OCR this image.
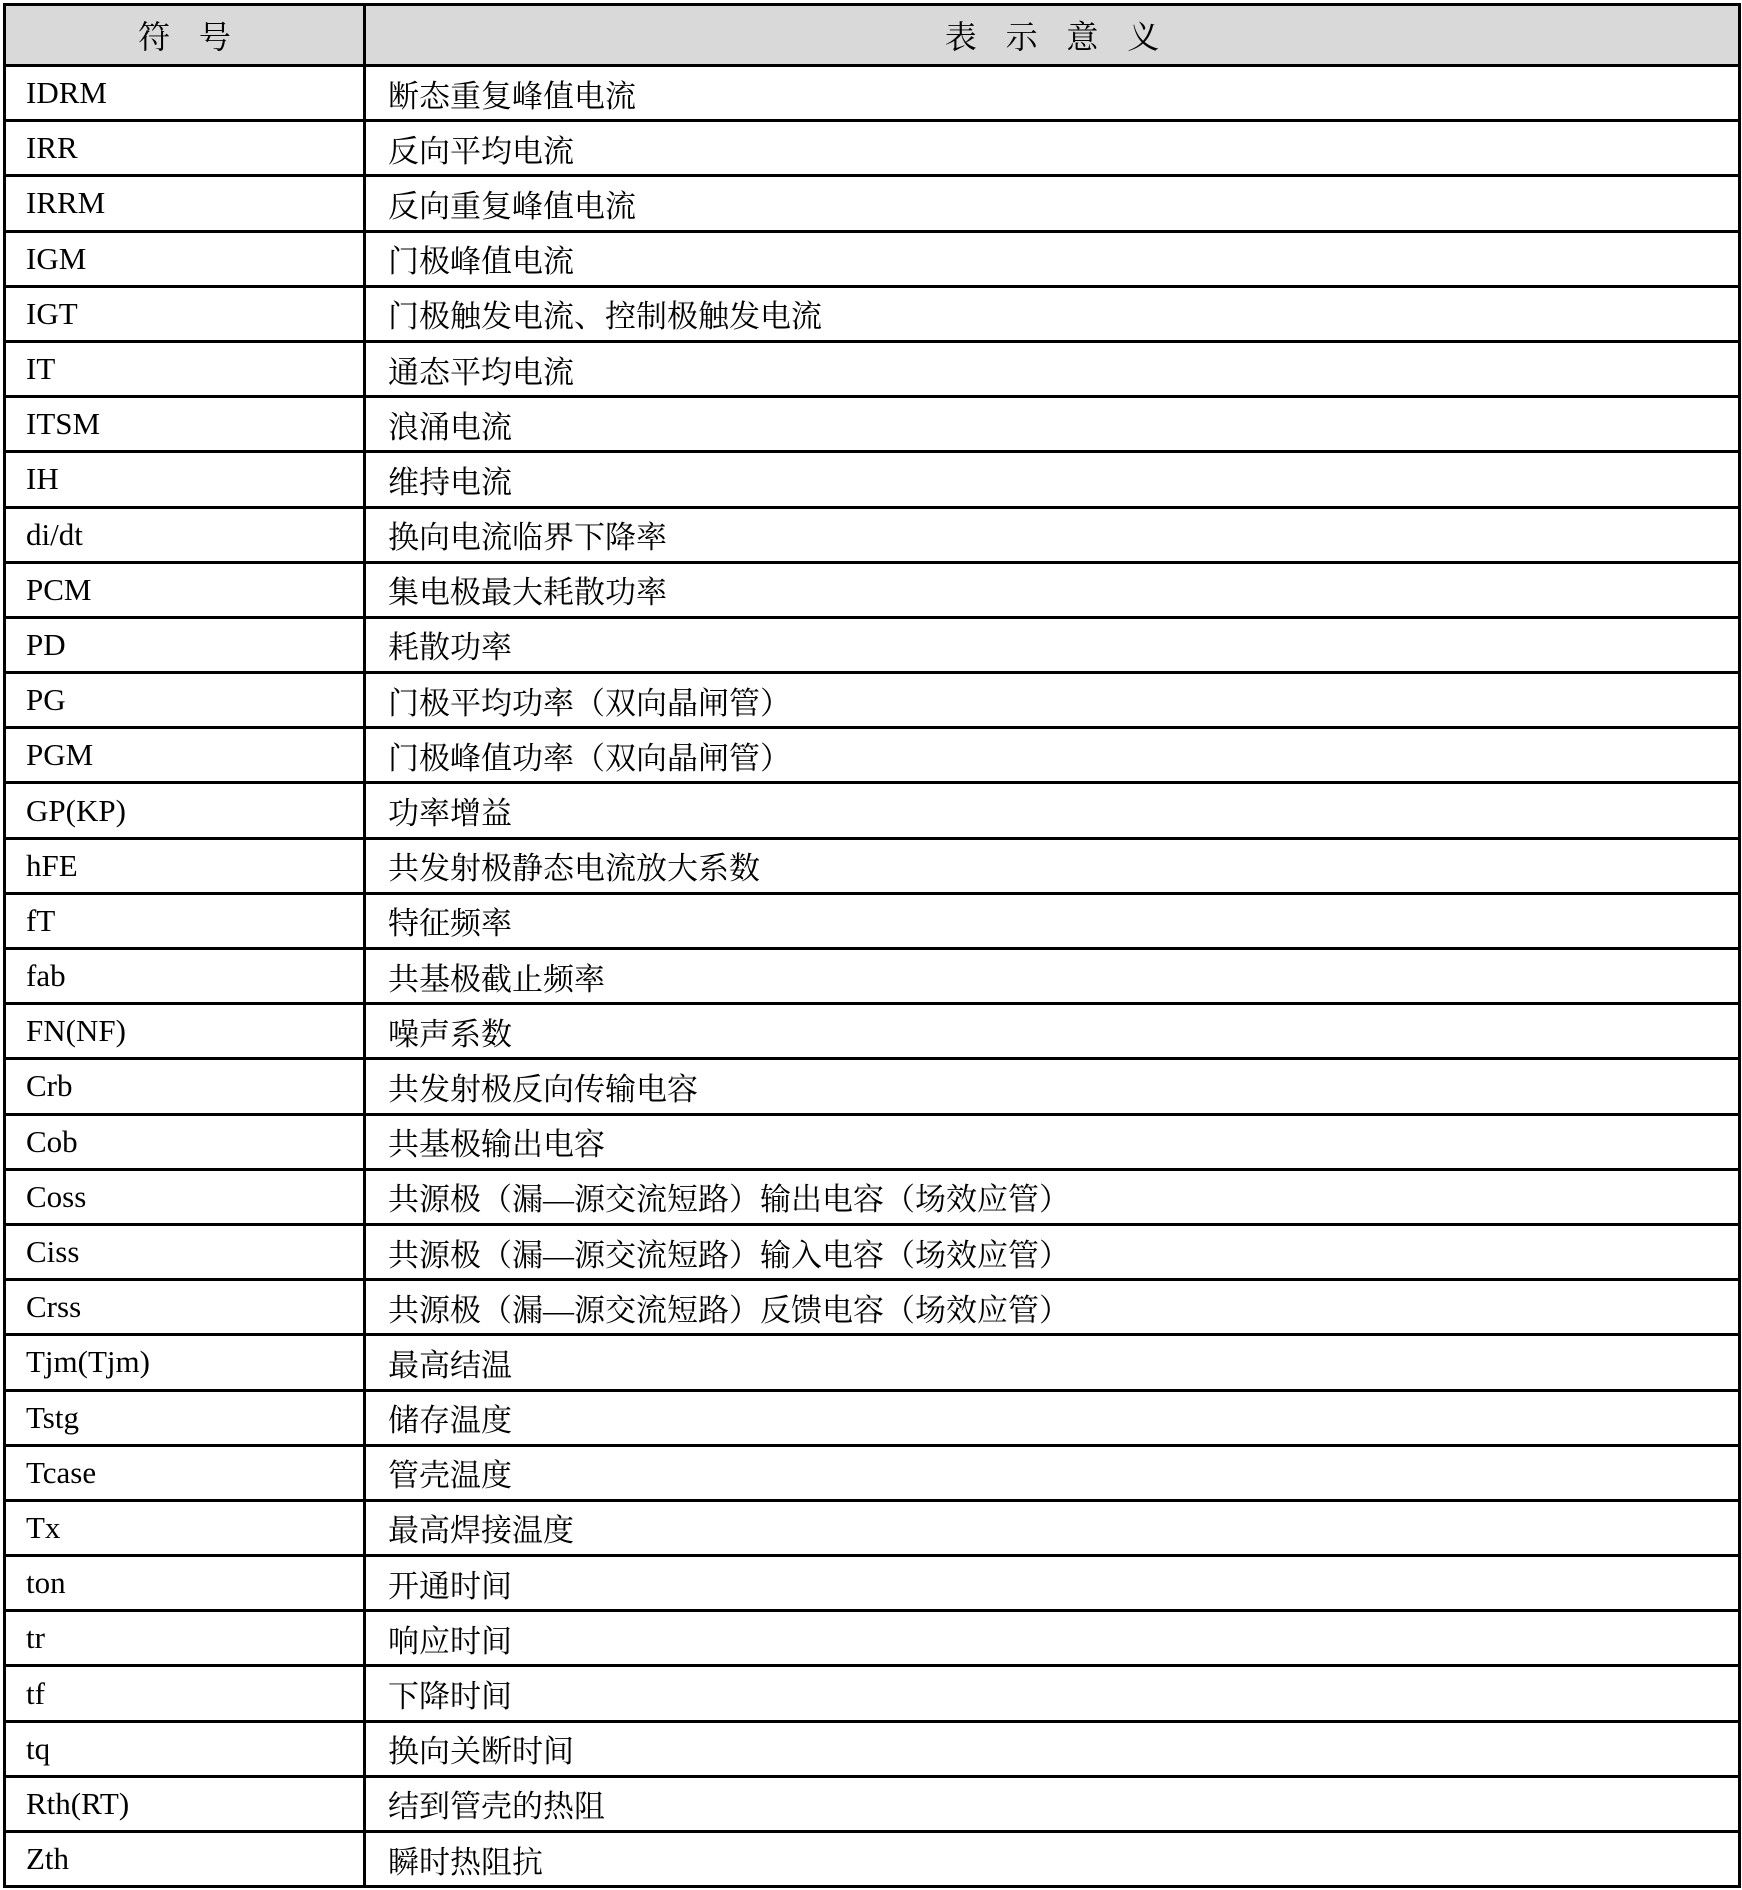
符号	表示意义
IDRM	断态重复峰值电流
IRR	反向平均电流
IRRM	反向重复峰值电流
IGM	门极峰值电流
IGT	门极触发电流、控制极触发电流
IT	通态平均电流
ITSM	浪涌电流
IH	维持电流
di/dt	换向电流临界下降率
PCM	集电极最大耗散功率
PD	耗散功率
PG	门极平均功率（双向晶闸管）
PGM	门极峰值功率（双向晶闸管）
GP(KP)	功率增益
hFE	共发射极静态电流放大系数
fT	特征频率
fab	共基极截止频率
FN(NF)	噪声系数
Crb	共发射极反向传输电容
Cob	共基极输出电容
Coss	共源极（漏—源交流短路）输出电容（场效应管）
Ciss	共源极（漏—源交流短路）输入电容（场效应管）
Crss	共源极（漏—源交流短路）反馈电容（场效应管）
Tjm(Tjm)	最高结温
Tstg	储存温度
Tcase	管壳温度
Tx	最高焊接温度
ton	开通时间
tr	响应时间
tf	下降时间
tq	换向关断时间
Rth(RT)	结到管壳的热阻
Zth	瞬时热阻抗
